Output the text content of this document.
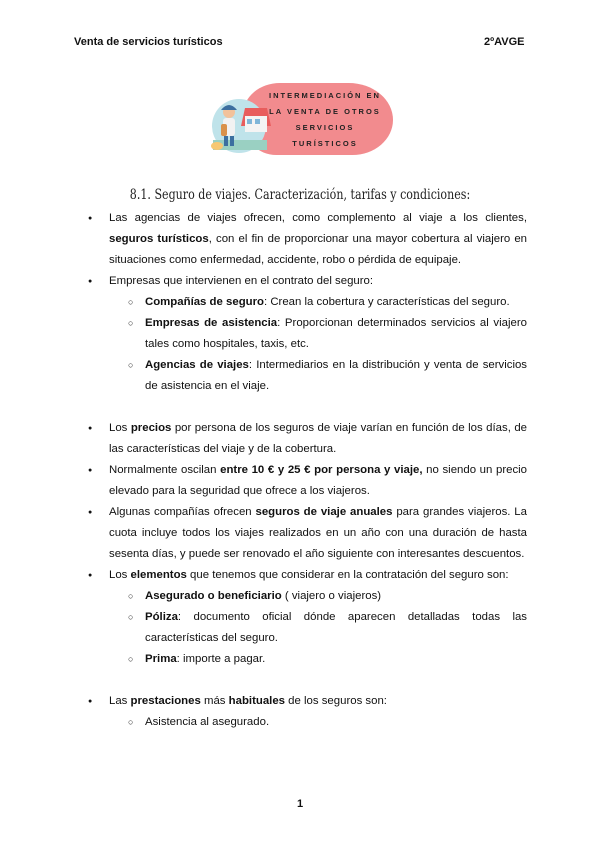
Venta de servicios turísticos	2ºAVGE
INTERMEDIACIÓN EN
LA VENTA DE OTROS
SERVICIOS
TURÍSTICOS
8.1. Seguro de viajes. Caracterización, tarifas y condiciones:
● Las agencias de viajes ofrecen, como complemento al viaje a los clientes, seguros turísticos, con el fin de proporcionar una mayor cobertura al viajero en situaciones como enfermedad, accidente, robo o pérdida de equipaje.
● Empresas que intervienen en el contrato del seguro:
○ Compañías de seguro: Crean la cobertura y características del seguro.
○ Empresas de asistencia: Proporcionan determinados servicios al viajero tales como hospitales, taxis, etc.
○ Agencias de viajes: Intermediarios en la distribución y venta de servicios de asistencia en el viaje.
● Los precios por persona de los seguros de viaje varían en función de los días, de las características del viaje y de la cobertura.
● Normalmente oscilan entre 10 € y 25 € por persona y viaje, no siendo un precio elevado para la seguridad que ofrece a los viajeros.
● Algunas compañías ofrecen seguros de viaje anuales para grandes viajeros. La cuota incluye todos los viajes realizados en un año con una duración de hasta sesenta días, y puede ser renovado el año siguiente con interesantes descuentos.
● Los elementos que tenemos que considerar en la contratación del seguro son:
○ Asegurado o beneficiario ( viajero o viajeros)
○ Póliza: documento oficial dónde aparecen detalladas todas las características del seguro.
○ Prima: importe a pagar.
● Las prestaciones más habituales de los seguros son:
○ Asistencia al asegurado.
1
